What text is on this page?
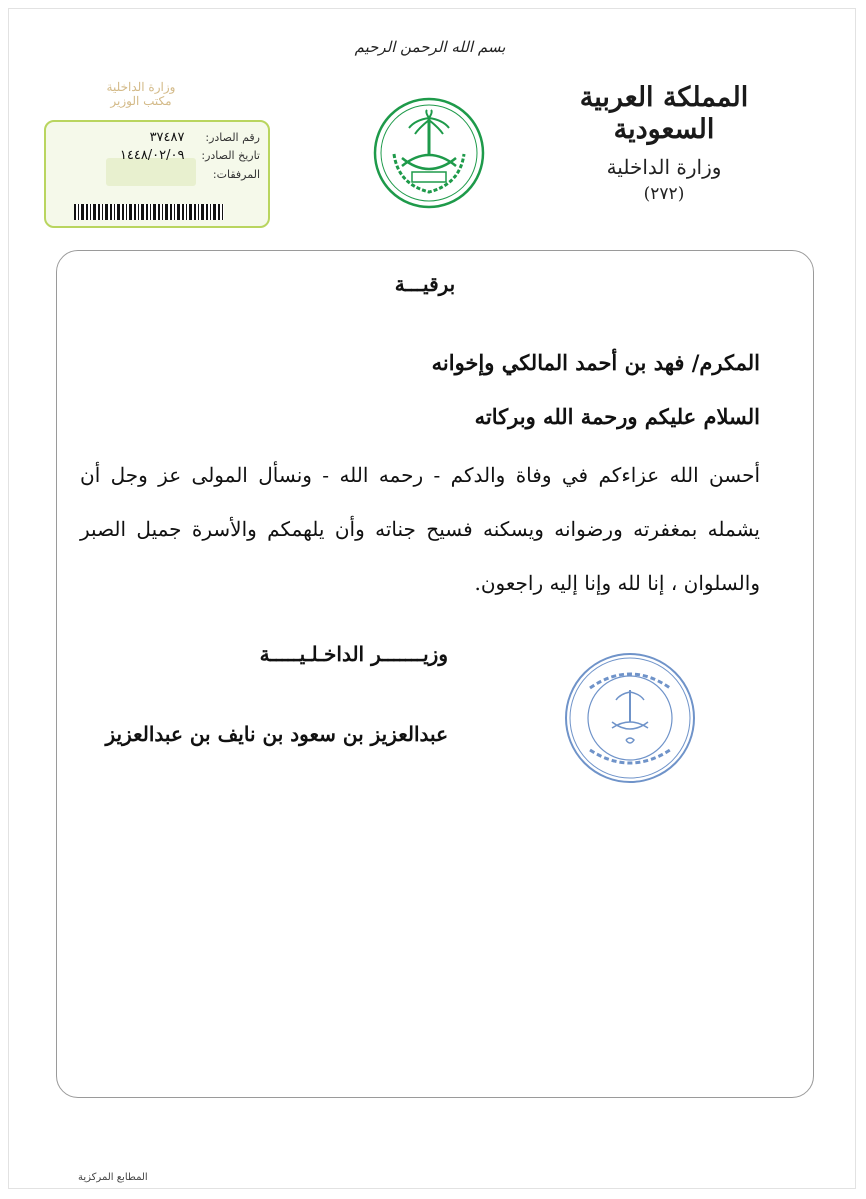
بسم الله الرحمن الرحيم
المملكة العربية السعودية
وزارة الداخلية
(٢٧٢)
وزارة الداخلية مكتب الوزير
رقم الصادر: ٣٧٤٨٧
تاريخ الصادر: ١٤٤٨/٠٢/٠٩
المرفقات:
برقيـــة
المكرم/ فهد بن أحمد المالكي وإخوانه
السلام عليكم ورحمة الله وبركاته
أحسن الله عزاءكم في وفاة والدكم - رحمه الله - ونسأل المولى عز وجل أن يشمله بمغفرته ورضوانه ويسكنه فسيح جناته وأن يلهمكم والأسرة جميل الصبر والسلوان ، إنا لله وإنا إليه راجعون.
وزيـــــــر الداخـلـيـــــة
عبدالعزيز بن سعود بن نايف بن عبدالعزيز
المطابع المركزية
